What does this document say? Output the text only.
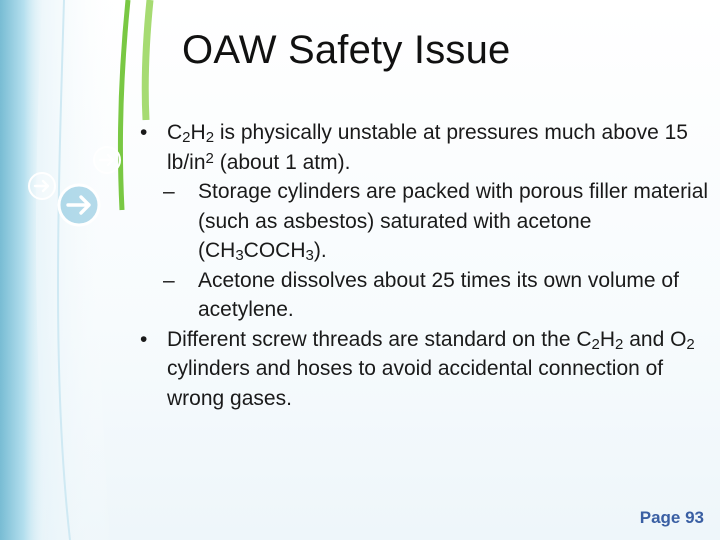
OAW Safety Issue
• $C_2H_2$ is physically unstable at pressures much above 15 $lb/in^2$ (about 1 atm).
– Storage cylinders are packed with porous filler material (such as asbestos) saturated with acetone $(CH_3COCH_3)$.
– Acetone dissolves about 25 times its own volume of acetylene.
• Different screw threads are standard on the $C_2H_2$ and $O_2$ cylinders and hoses to avoid accidental connection of wrong gases.
Page 93
